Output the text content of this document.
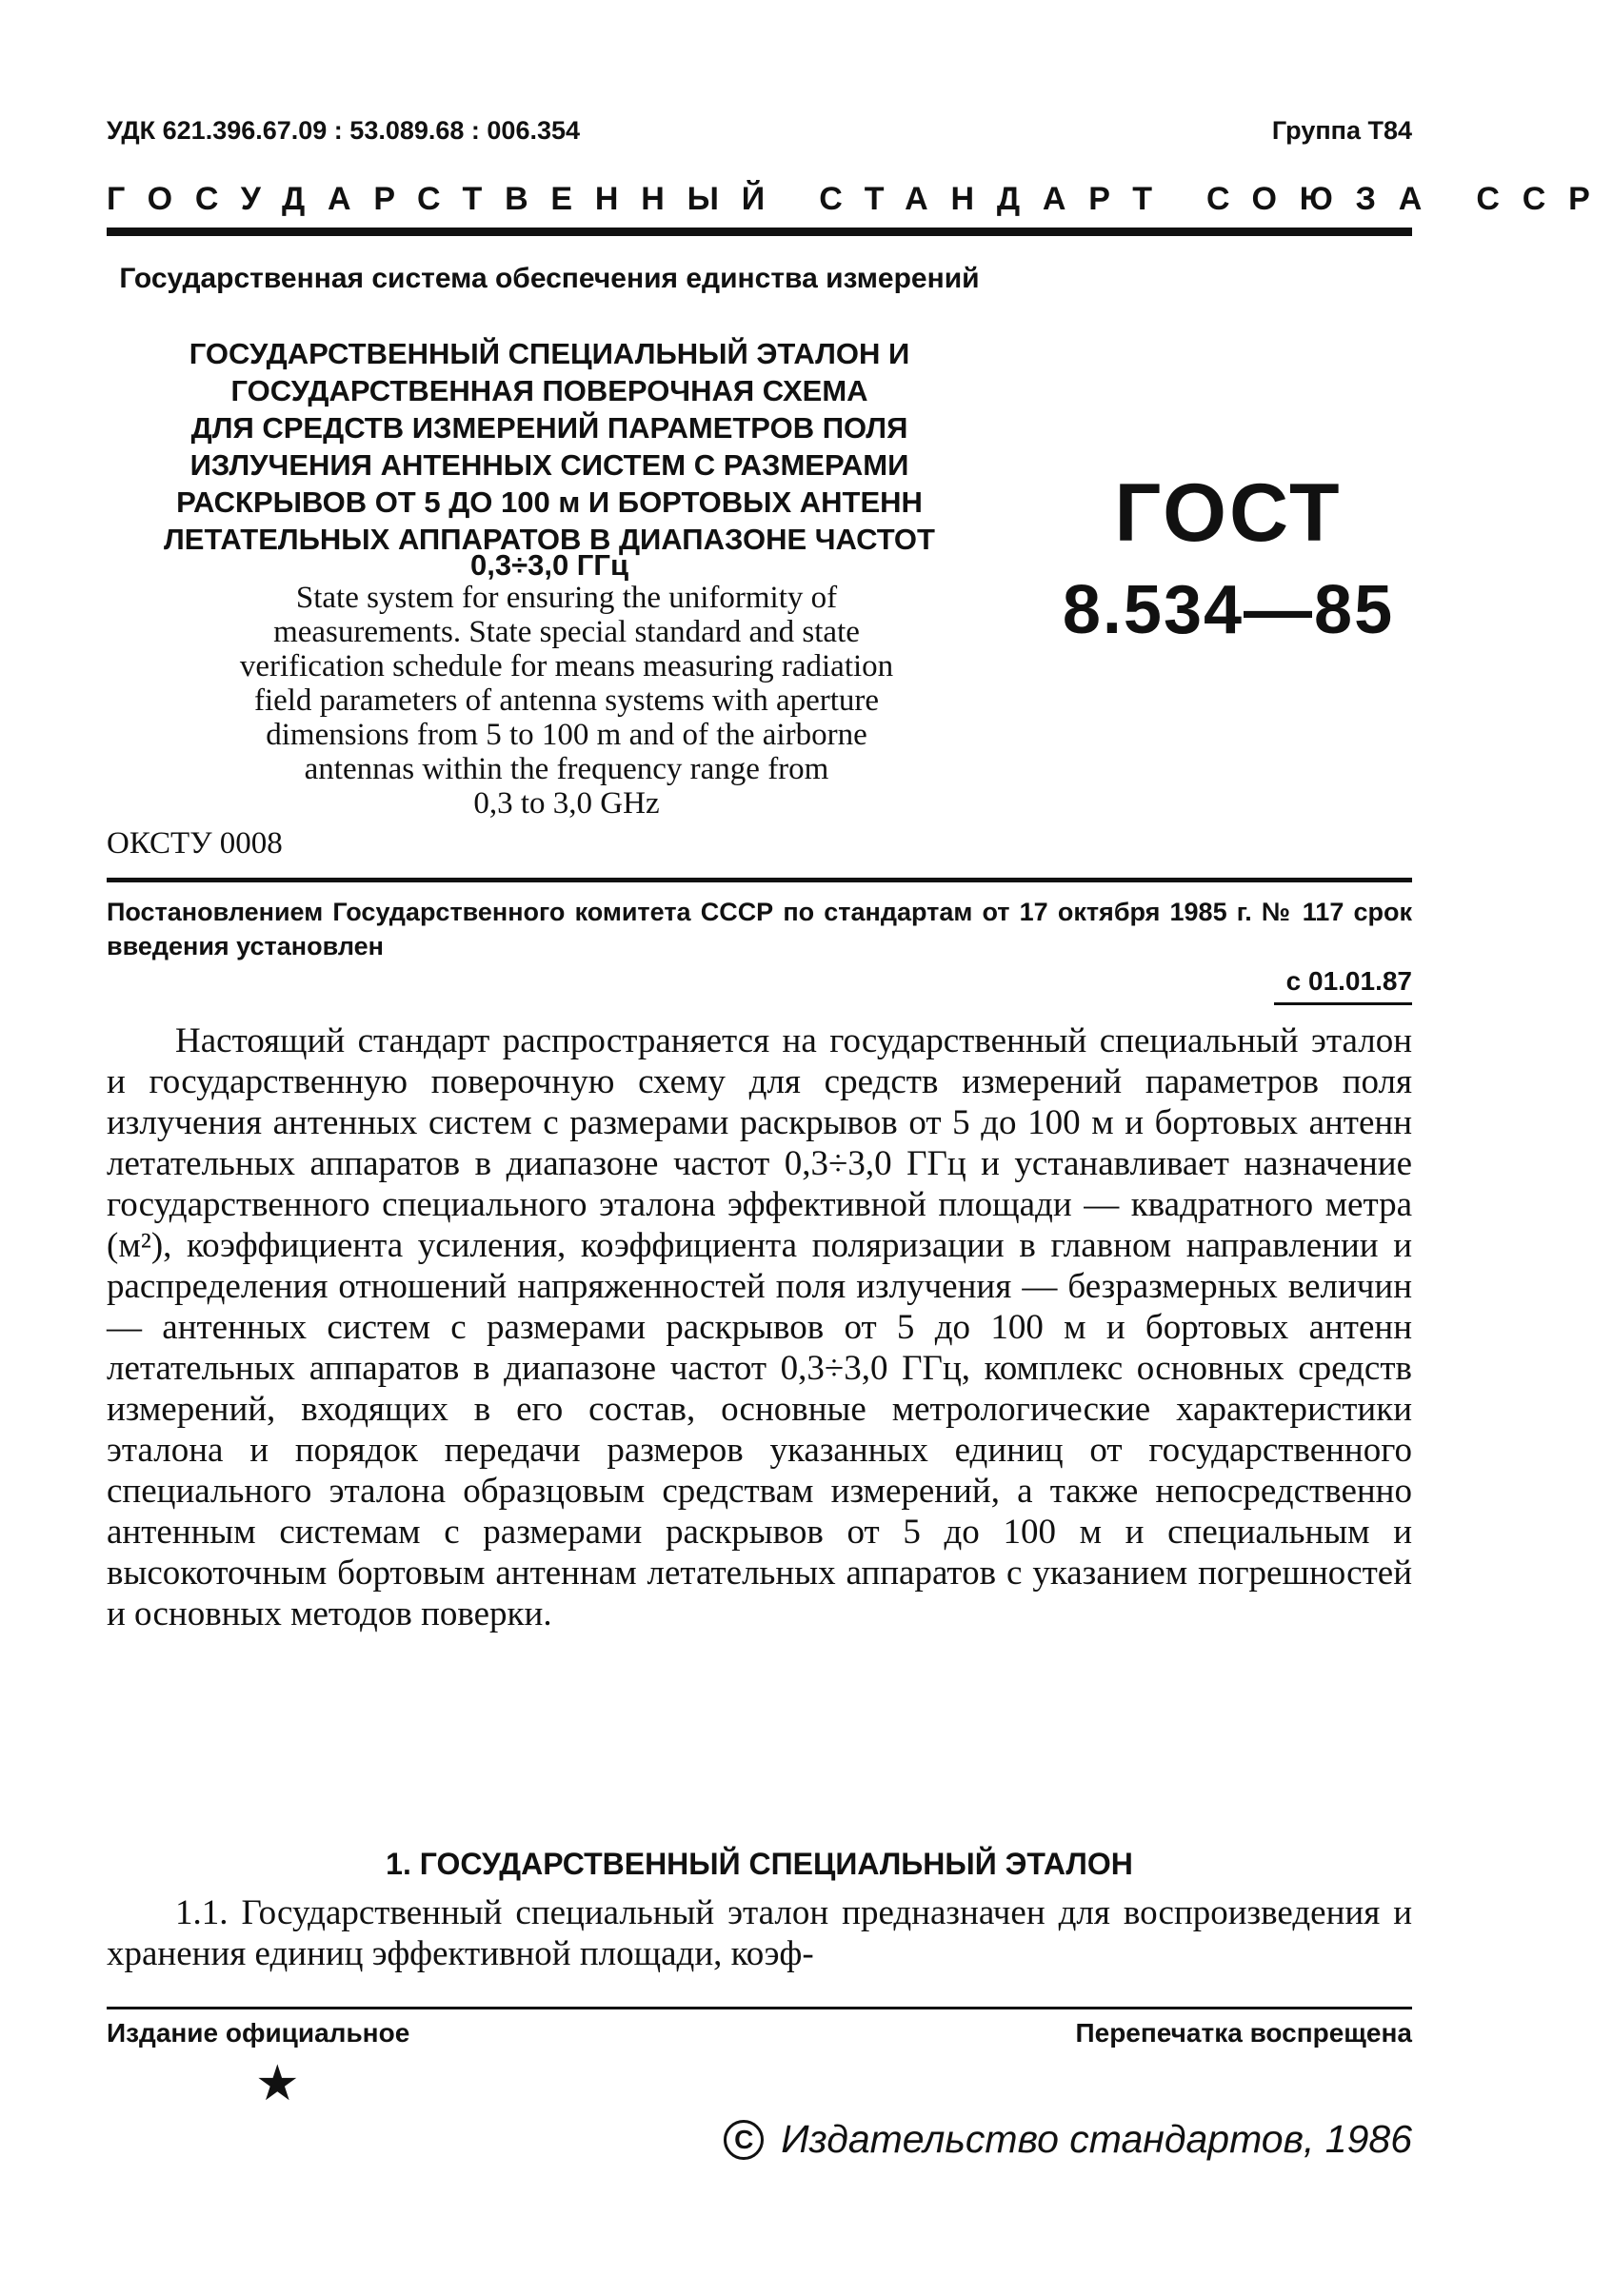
УДК 621.396.67.09 : 53.089.68 : 006.354	Группа Т84
ГОСУДАРСТВЕННЫЙ СТАНДАРТ СОЮЗА ССР
Государственная система обеспечения единства измерений
ГОСУДАРСТВЕННЫЙ СПЕЦИАЛЬНЫЙ ЭТАЛОН И
ГОСУДАРСТВЕННАЯ ПОВЕРОЧНАЯ СХЕМА
ДЛЯ СРЕДСТВ ИЗМЕРЕНИЙ ПАРАМЕТРОВ ПОЛЯ
ИЗЛУЧЕНИЯ АНТЕННЫХ СИСТЕМ С РАЗМЕРАМИ
РАСКРЫВОВ ОТ 5 ДО 100 м И БОРТОВЫХ АНТЕНН
ЛЕТАТЕЛЬНЫХ АППАРАТОВ В ДИАПАЗОНЕ ЧАСТОТ
0,3÷3,0 ГГц
State system for ensuring the uniformity of
measurements. State special standard and state
verification schedule for means measuring radiation
field parameters of antenna systems with aperture
dimensions from 5 to 100 m and of the airborne
antennas within the frequency range from
0,3 to 3,0 GHz
ГОСТ
8.534—85
ОКСТУ 0008
Постановлением Государственного комитета СССР по стандартам от 17 октября 1985 г. № 117 срок введения установлен
с 01.01.87
Настоящий стандарт распространяется на государственный специальный эталон и государственную поверочную схему для средств измерений параметров поля излучения антенных систем с размерами раскрывов от 5 до 100 м и бортовых антенн летательных аппаратов в диапазоне частот 0,3÷3,0 ГГц и устанавливает назначение государственного специального эталона эффективной площади — квадратного метра (м²), коэффициента усиления, коэффициента поляризации в главном направлении и распределения отношений напряженностей поля излучения — безразмерных величин — антенных систем с размерами раскрывов от 5 до 100 м и бортовых антенн летательных аппаратов в диапазоне частот 0,3÷3,0 ГГц, комплекс основных средств измерений, входящих в его состав, основные метрологические характеристики эталона и порядок передачи размеров указанных единиц от государственного специального эталона образцовым средствам измерений, а также непосредственно антенным системам с размерами раскрывов от 5 до 100 м и специальным и высокоточным бортовым антеннам летательных аппаратов с указанием погрешностей и основных методов поверки.
1. ГОСУДАРСТВЕННЫЙ СПЕЦИАЛЬНЫЙ ЭТАЛОН
1.1. Государственный специальный эталон предназначен для воспроизведения и хранения единиц эффективной площади, коэф-
Издание официальное	Перепечатка воспрещена
★
C Издательство стандартов, 1986
